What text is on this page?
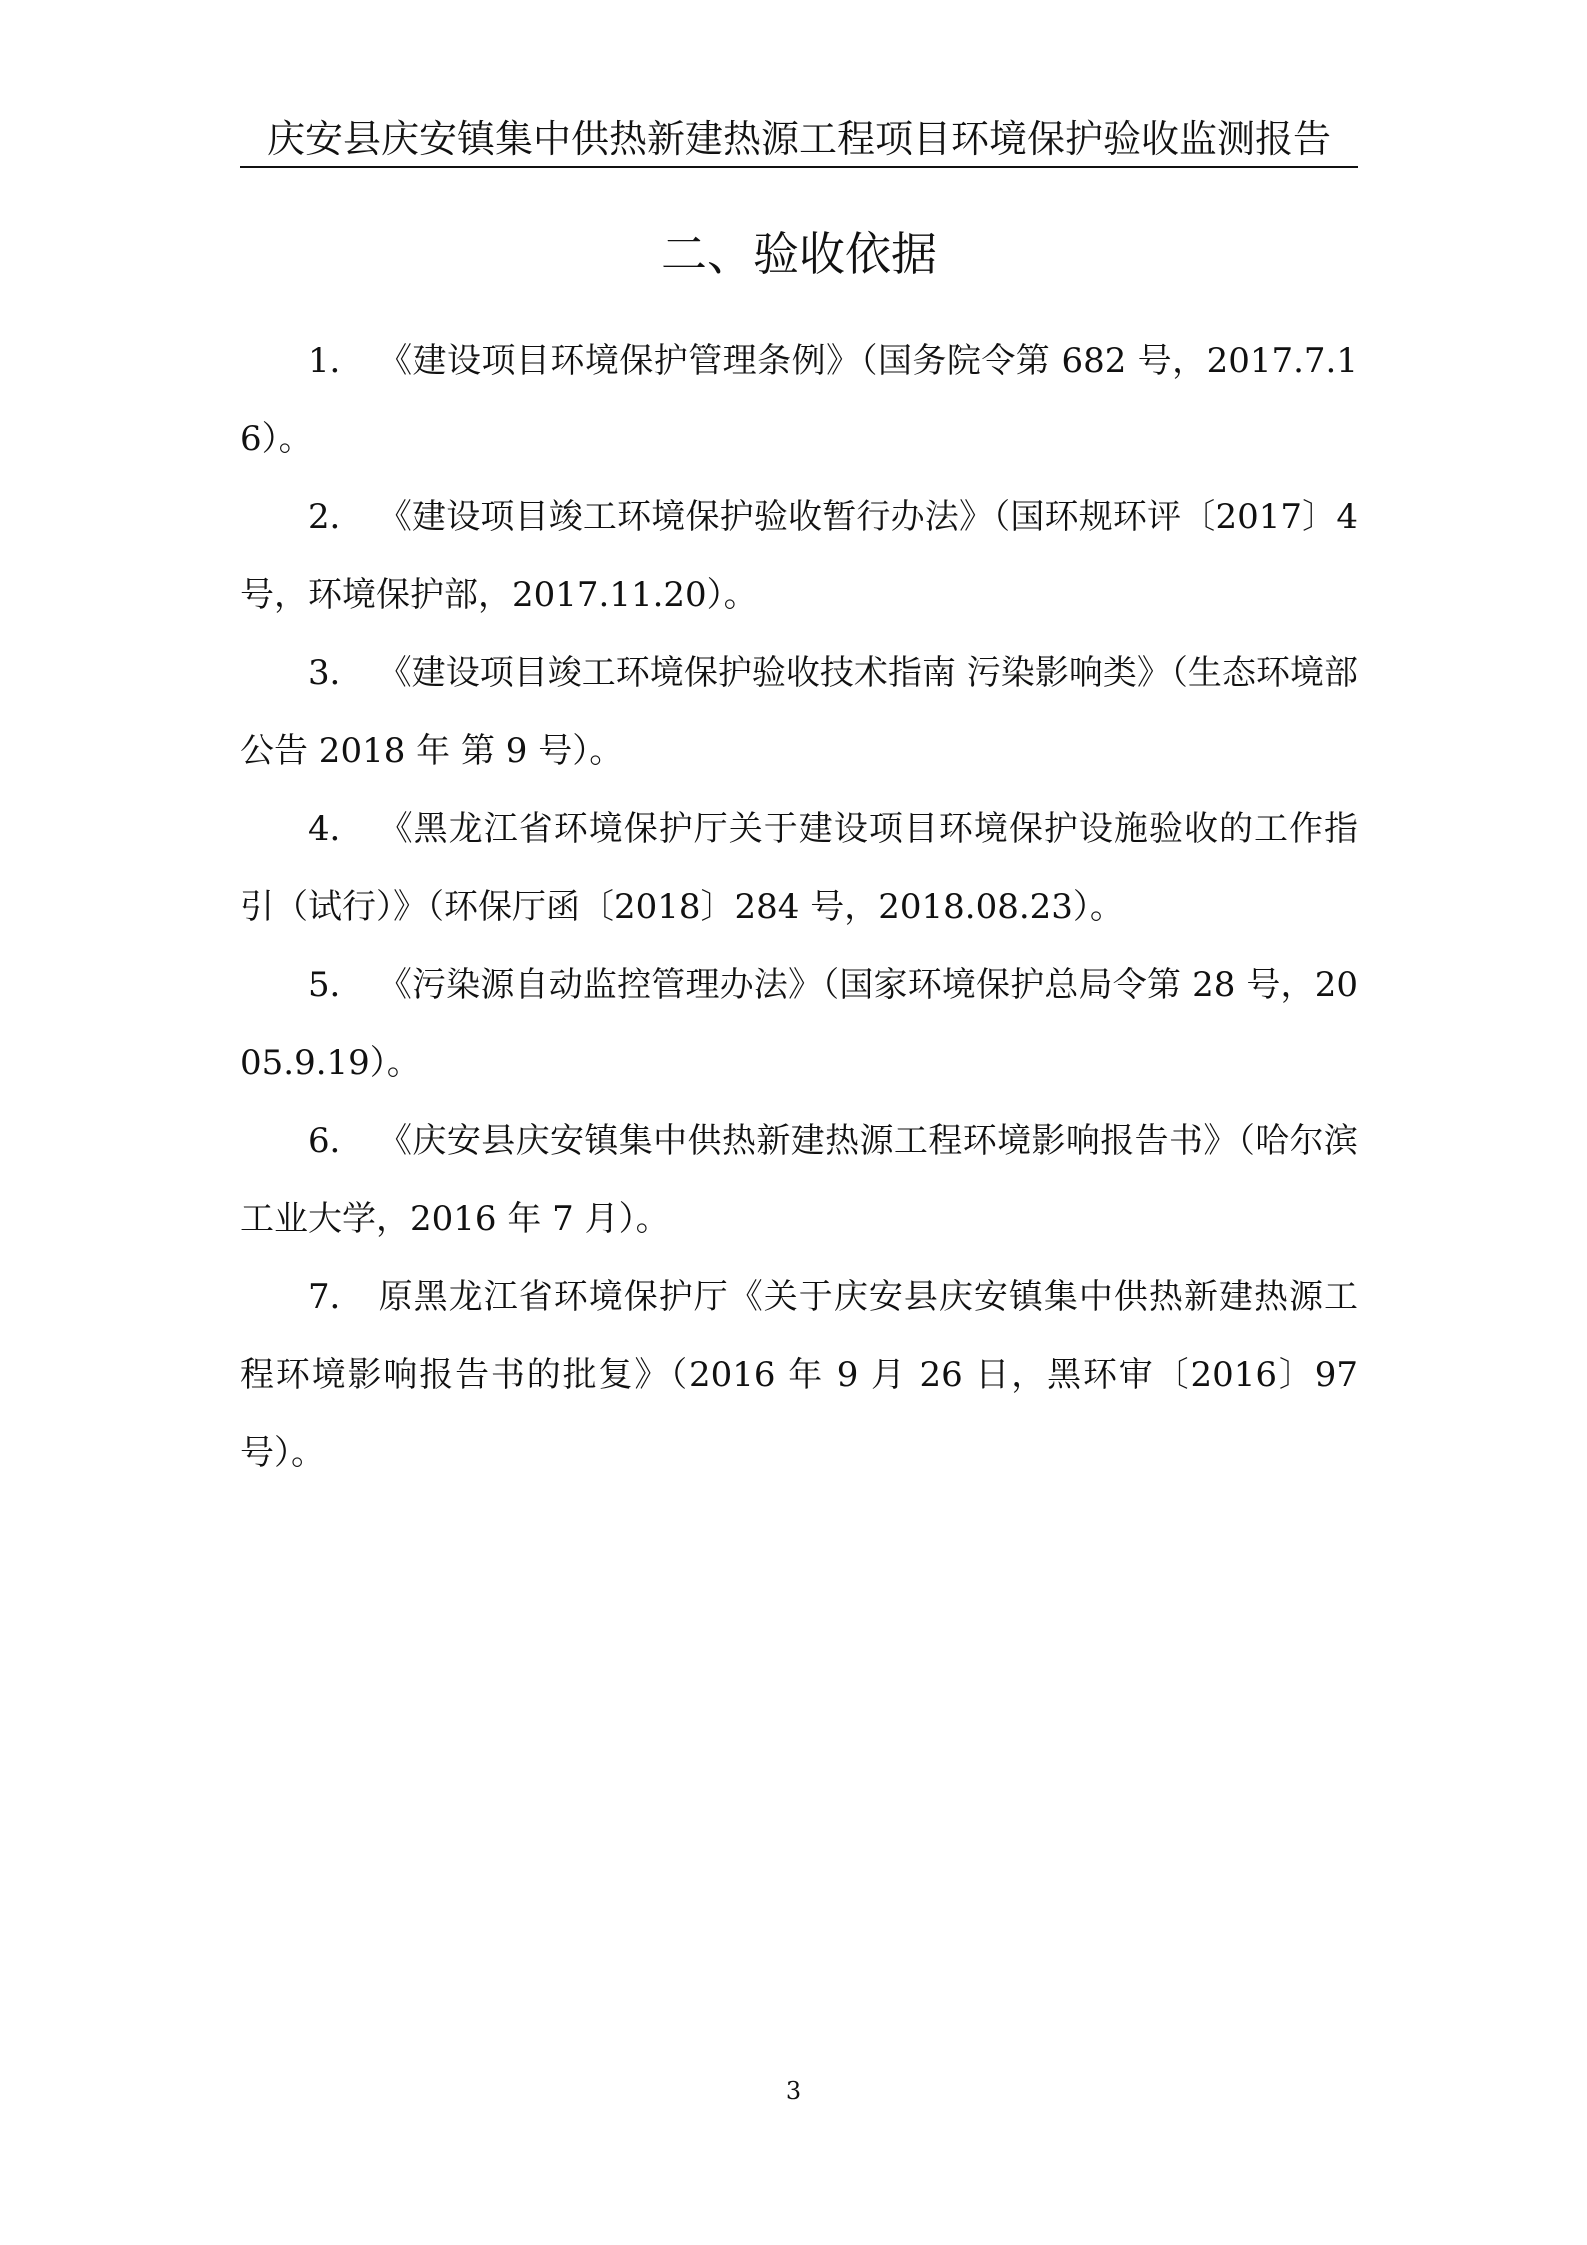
庆安县庆安镇集中供热新建热源工程项目环境保护验收监测报告
二、验收依据

1． 《建设项目环境保护管理条例》（国务院令第 682 号，2017.7.16）。

2． 《建设项目竣工环境保护验收暂行办法》（国环规环评〔2017〕4 号，环境保护部，2017.11.20）。

3． 《建设项目竣工环境保护验收技术指南 污染影响类》（生态环境部公告 2018 年 第 9 号）。

4． 《黑龙江省环境保护厅关于建设项目环境保护设施验收的工作指引（试行）》（环保厅函〔2018〕284 号，2018.08.23）。

5． 《污染源自动监控管理办法》（国家环境保护总局令第 28 号，2005.9.19）。

6． 《庆安县庆安镇集中供热新建热源工程环境影响报告书》（哈尔滨工业大学，2016 年 7 月）。

7． 原黑龙江省环境保护厅《关于庆安县庆安镇集中供热新建热源工程环境影响报告书的批复》（2016 年 9 月 26 日，黑环审〔2016〕97 号）。

3
